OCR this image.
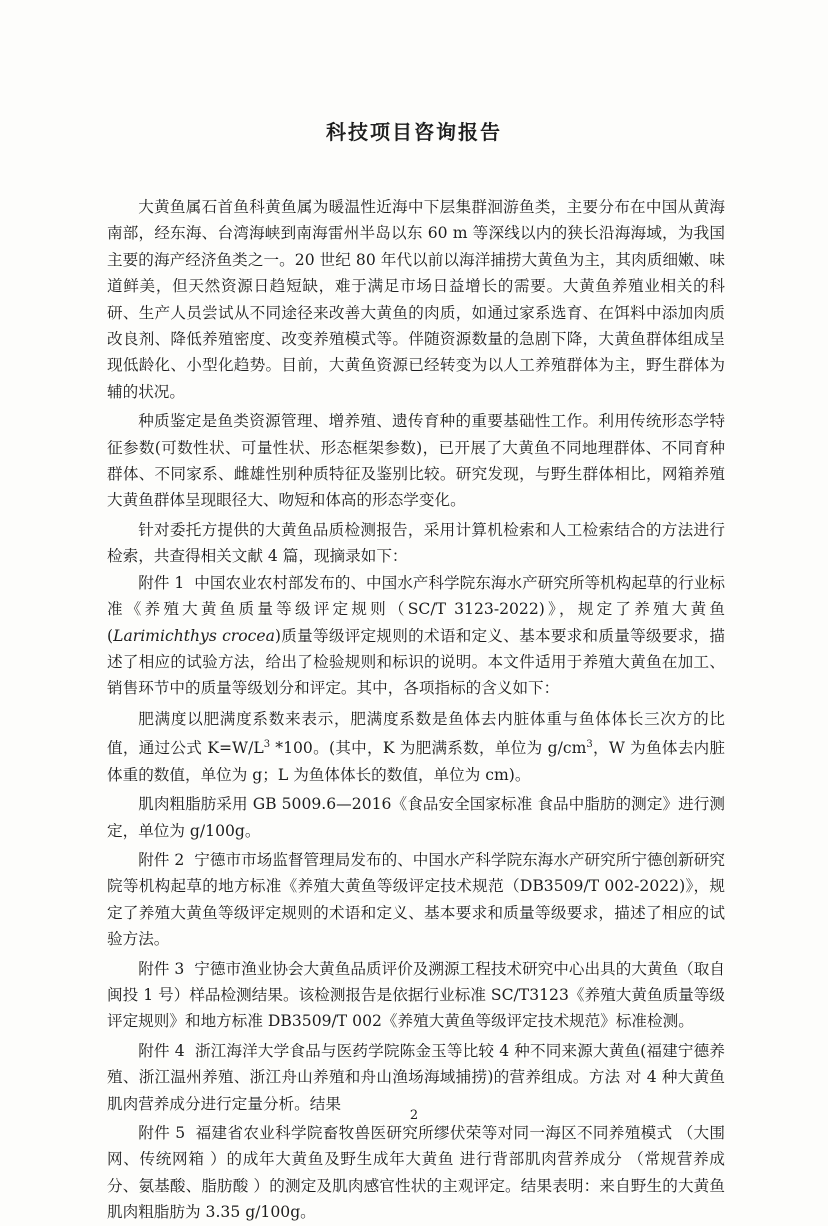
科技项目咨询报告

大黄鱼属石首鱼科黄鱼属为暖温性近海中下层集群洄游鱼类，主要分布在中国从黄海南部，经东海、台湾海峡到南海雷州半岛以东 60 m 等深线以内的狭长沿海海域，为我国主要的海产经济鱼类之一。20 世纪 80 年代以前以海洋捕捞大黄鱼为主，其肉质细嫩、味道鲜美，但天然资源日趋短缺，难于满足市场日益增长的需要。大黄鱼养殖业相关的科研、生产人员尝试从不同途径来改善大黄鱼的肉质，如通过家系选育、在饵料中添加肉质改良剂、降低养殖密度、改变养殖模式等。伴随资源数量的急剧下降，大黄鱼群体组成呈现低龄化、小型化趋势。目前，大黄鱼资源已经转变为以人工养殖群体为主，野生群体为辅的状况。

种质鉴定是鱼类资源管理、增养殖、遗传育种的重要基础性工作。利用传统形态学特征参数(可数性状、可量性状、形态框架参数)，已开展了大黄鱼不同地理群体、不同育种群体、不同家系、雌雄性别种质特征及鉴别比较。研究发现，与野生群体相比，网箱养殖大黄鱼群体呈现眼径大、吻短和体高的形态学变化。

针对委托方提供的大黄鱼品质检测报告，采用计算机检索和人工检索结合的方法进行检索，共查得相关文献 4 篇，现摘录如下：

附件 1 中国农业农村部发布的、中国水产科学院东海水产研究所等机构起草的行业标准《养殖大黄鱼质量等级评定规则（SC/T 3123-2022)》，规定了养殖大黄鱼(Larimichthys crocea)质量等级评定规则的术语和定义、基本要求和质量等级要求，描述了相应的试验方法，给出了检验规则和标识的说明。本文件适用于养殖大黄鱼在加工、销售环节中的质量等级划分和评定。其中，各项指标的含义如下：

肥满度以肥满度系数来表示，肥满度系数是鱼体去内脏体重与鱼体体长三次方的比值，通过公式 $K=W/L^3$ *100。(其中，K 为肥满系数，单位为 $g/cm^3$，W 为鱼体去内脏体重的数值，单位为 g；L 为鱼体体长的数值，单位为 cm)。

肌肉粗脂肪采用 GB 5009.6—2016《食品安全国家标准 食品中脂肪的测定》进行测定，单位为 g/100g。

附件 2 宁德市市场监督管理局发布的、中国水产科学院东海水产研究所宁德创新研究院等机构起草的地方标准《养殖大黄鱼等级评定技术规范（DB3509/T 002-2022)》，规定了养殖大黄鱼等级评定规则的术语和定义、基本要求和质量等级要求，描述了相应的试验方法。

附件 3 宁德市渔业协会大黄鱼品质评价及溯源工程技术研究中心出具的大黄鱼（取自闽投 1 号）样品检测结果。该检测报告是依据行业标准 SC/T3123《养殖大黄鱼质量等级评定规则》和地方标准 DB3509/T 002《养殖大黄鱼等级评定技术规范》标准检测。

附件 4 浙江海洋大学食品与医药学院陈金玉等比较 4 种不同来源大黄鱼(福建宁德养殖、浙江温州养殖、浙江舟山养殖和舟山渔场海域捕捞)的营养组成。方法 对 4 种大黄鱼肌肉营养成分进行定量分析。结果

附件 5 福建省农业科学院畜牧兽医研究所缪伏荣等对同一海区不同养殖模式 （大围网、传统网箱 ）的成年大黄鱼及野生成年大黄鱼 进行背部肌肉营养成分 （常规营养成分、氨基酸、脂肪酸 ）的测定及肌肉感官性状的主观评定。结果表明：来自野生的大黄鱼肌肉粗脂肪为 3.35 g/100g。

2
